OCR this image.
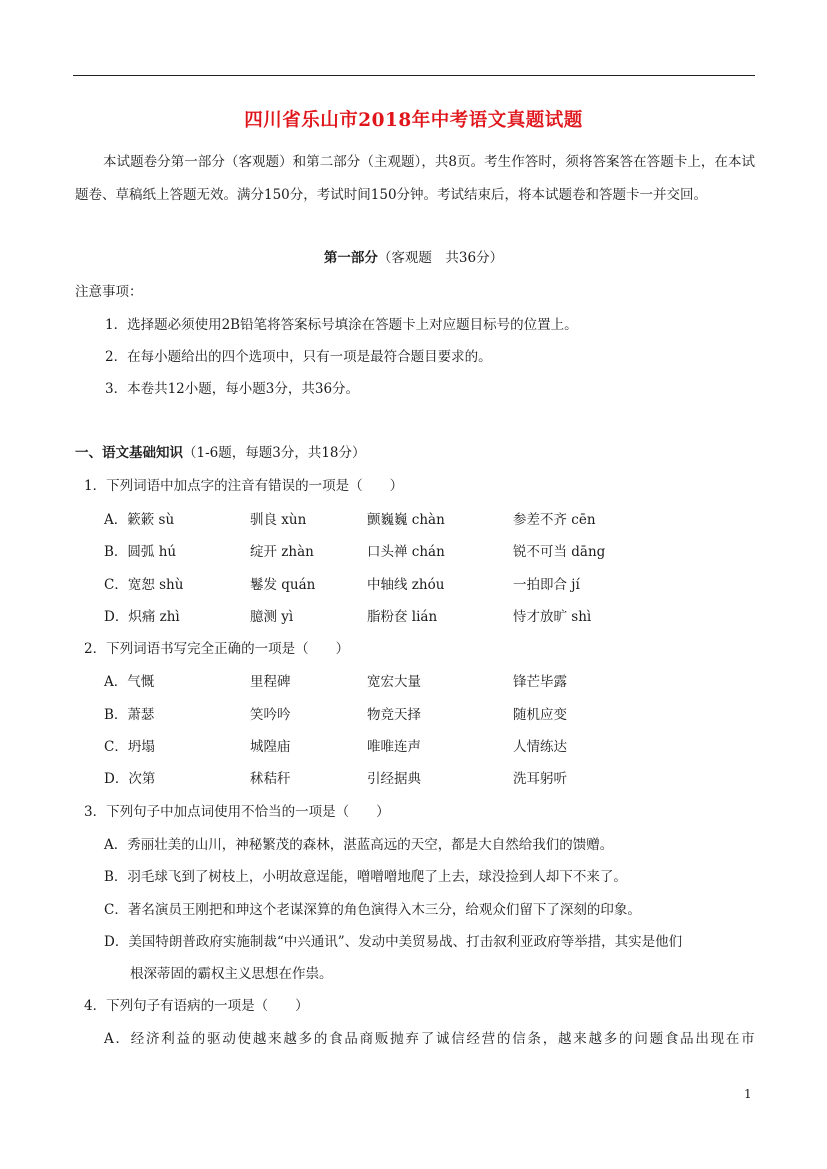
四川省乐山市2018年中考语文真题试题

本试题卷分第一部分（客观题）和第二部分（主观题），共8页。考生作答时，须将答案答在答题卡上，在本试题卷、草稿纸上答题无效。满分150分，考试时间150分钟。考试结束后，将本试题卷和答题卡一并交回。

第一部分（客观题　共36分）
注意事项：
1．选择题必须使用2B铅笔将答案标号填涂在答题卡上对应题目标号的位置上。
2．在每小题给出的四个选项中，只有一项是最符合题目要求的。
3．本卷共12小题，每小题3分，共36分。
一、语文基础知识（1-6题，每题3分，共18分）
1．下列词语中加点字的注音有错误的一项是（　　）
A．簌簌 sù	驯良 xùn	颤巍巍 chàn	参差不齐 cēn
B．圆弧 hú	绽开 zhàn	口头禅 chán	锐不可当 dāng
C．宽恕 shù	鬈发 quán	中轴线 zhóu	一拍即合 jí
D．炽痛 zhì	臆测 yì	脂粉奁 lián	恃才放旷 shì
2．下列词语书写完全正确的一项是（　　）
A．气慨	里程碑	宽宏大量	锋芒毕露
B．萧瑟	笑吟吟	物竞天择	随机应变
C．坍塌	城隍庙	唯唯连声	人情练达
D．次第	秫秸秆	引经据典	洗耳躬听
3．下列句子中加点词使用不恰当的一项是（　　）
A．秀丽壮美的山川，神秘繁茂的森林，湛蓝高远的天空，都是大自然给我们的馈赠。
B．羽毛球飞到了树枝上，小明故意逞能，噌噌噌地爬了上去，球没捡到人却下不来了。
C．著名演员王刚把和珅这个老谋深算的角色演得入木三分，给观众们留下了深刻的印象。
D．美国特朗普政府实施制裁“中兴通讯”、发动中美贸易战、打击叙利亚政府等举措，其实是他们
根深蒂固的霸权主义思想在作祟。
4．下列句子有语病的一项是（　　）
A．经济利益的驱动使越来越多的食品商贩抛弃了诚信经营的信条，越来越多的问题食品出现在市
1
